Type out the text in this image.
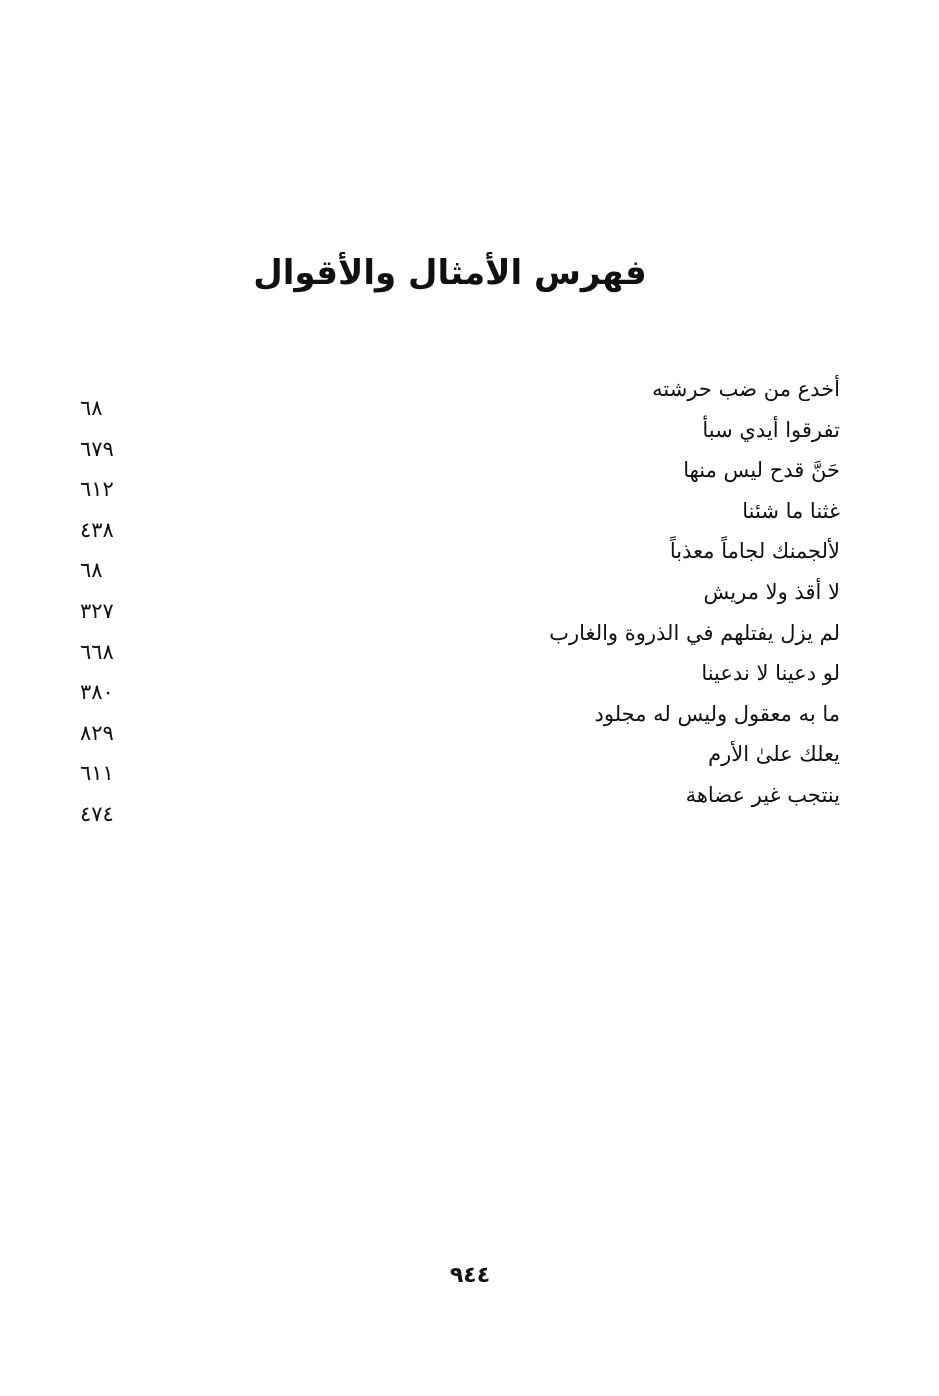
فهرس الأمثال والأقوال
أخدع من ضب حرشته
٦٨
تفرقوا أيدي سبأ
٦٧٩
حَنَّ قدح ليس منها
٦١٢
غثنا ما شئنا
٤٣٨
لألجمنك لجاماً معذباً
٦٨
لا أقذ ولا مريش
٣٢٧
لم يزل يفتلهم في الذروة والغارب
٦٦٨
لو دعينا لا ندعينا
٣٨٠
ما به معقول وليس له مجلود
٨٢٩
يعلك علىٰ الأرم
٦١١
ينتجب غير عضاهة
٤٧٤
٩٤٤
